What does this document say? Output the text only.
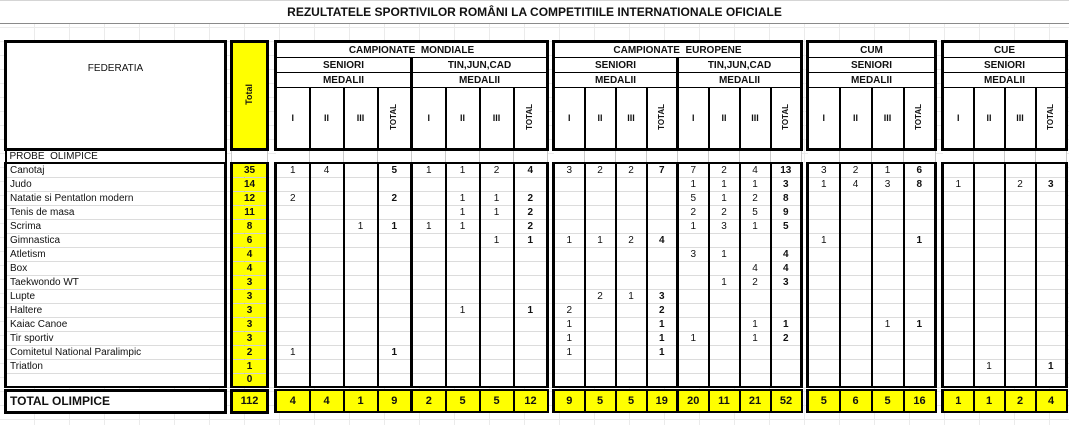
REZULTATELE SPORTIVILOR ROMÂNI LA COMPETITIILE INTERNATIONALE OFICIALE
FEDERATIA		Total		CAMPIONATE  MONDIALE									CAMPIONATE  EUROPENE									CUM					CUE			
				SENIORI				TIN,JUN,CAD					SENIORI				TIN,JUN,CAD					SENIORI					SENIORI			
				MEDALII				MEDALII					MEDALII				MEDALII					MEDALII					MEDALII			
				I	II	III	TOTAL	I	II	III	TOTAL		I	II	III	TOTAL	I	II	III	TOTAL		I	II	III	TOTAL		I	II	III	TOTAL
PROBE  OLIMPICE																														
Canotaj		35		1	4		5	1	1	2	4		3	2	2	7	7	2	4	13		3	2	1	6					
Judo		14															1	1	1	3		1	4	3	8		1		2	3
Natatie si Pentatlon modern		12		2			2		1	1	2						5	1	2	8										
Tenis de masa		11							1	1	2						2	2	5	9										
Scrima		8				1	1	1	1		2						1	3	1	5										
Gimnastica		6								1	1		1	1	2	4						1			1					
Atletism		4															3	1		4										
Box		4																	4	4										
Taekwondo WT		3																1	2	3										
Lupte		3												2	1	3														
Haltere		3							1		1		2			2														
Kaiac Canoe		3											1			1			1	1				1	1					
Tir sportiv		3											1			1	1		1	2										
Comitetul National Paralimpic		2		1			1						1			1														
Triatlon		1																										1		1
		0																												

TOTAL OLIMPICE		112		4	4	1	9	2	5	5	12		9	5	5	19	20	11	21	52		5	6	5	16		1	1	2	4
